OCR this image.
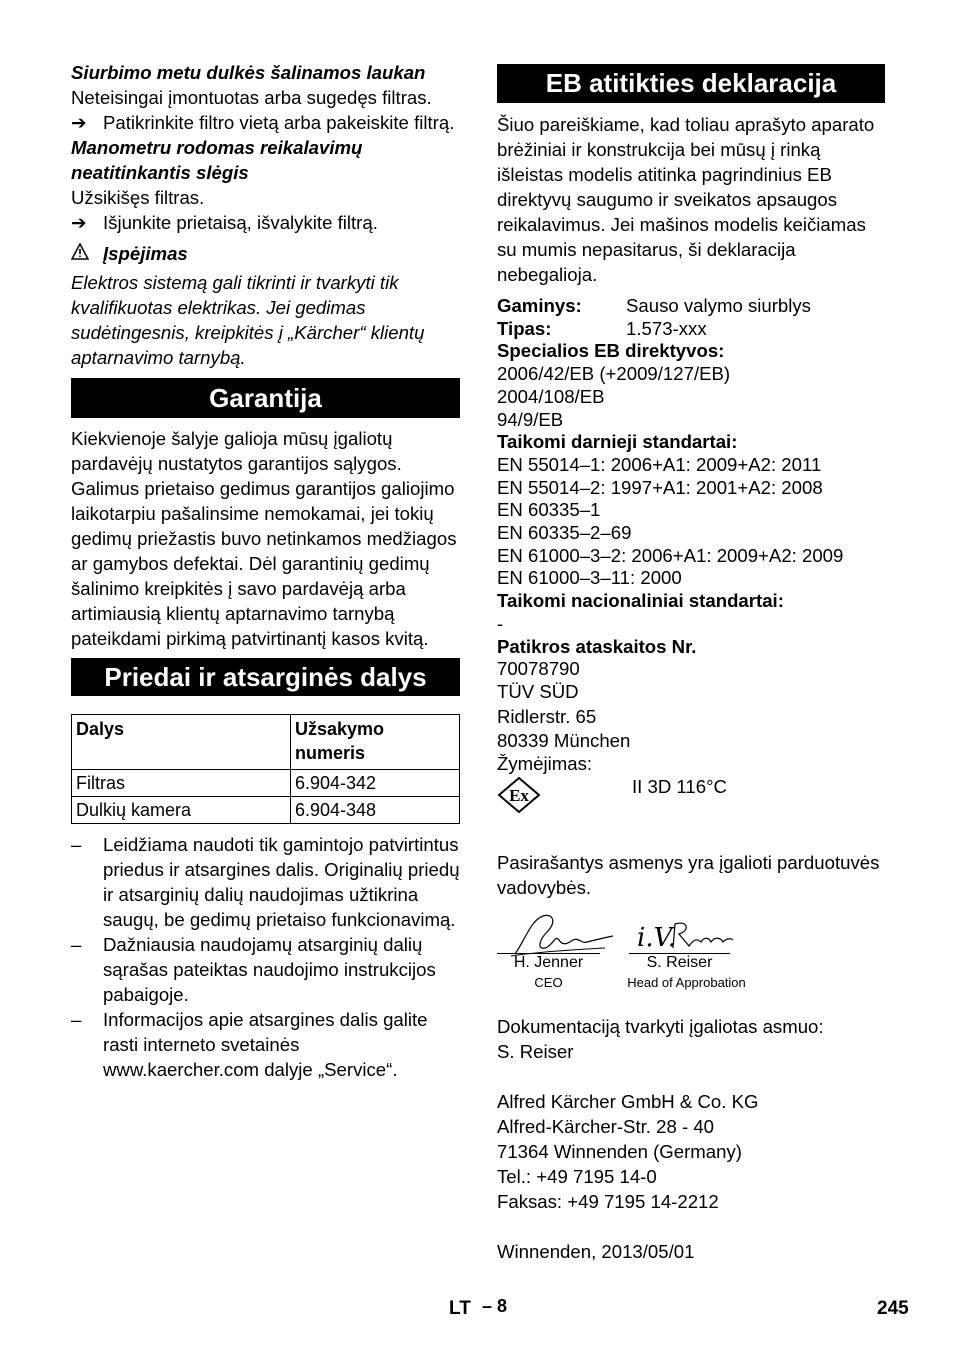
Siurbimo metu dulkės šalinamos laukan

Neteisingai įmontuotas arba sugedęs filtras.

➔ Patikrinkite filtro vietą arba pakeiskite filtrą.

Manometru rodomas reikalavimų neatitinkantis slėgis

Užsikišęs filtras.

➔ Išjunkite prietaisą, išvalykite filtrą.
Įspėjimas

Elektros sistemą gali tikrinti ir tvarkyti tik kvalifikuotas elektrikas. Jei gedimas sudėtingesnis, kreipkitės į „Kärcher“ klientų aptarnavimo tarnybą.

Garantija

Kiekvienoje šalyje galioja mūsų įgaliotų pardavėjų nustatytos garantijos sąlygos. Galimus prietaiso gedimus garantijos galiojimo laikotarpiu pašalinsime nemokamai, jei tokių gedimų priežastis buvo netinkamos medžiagos ar gamybos defektai. Dėl garantinių gedimų šalinimo kreipkitės į savo pardavėją arba artimiausią klientų aptarnavimo tarnybą pateikdami pirkimą patvirtinantį kasos kvitą.

Priedai ir atsarginės dalys
Dalys	Užsakymo numeris
Filtras	6.904-342
Dulkių kamera	6.904-348
–	Leidžiama naudoti tik gamintojo patvirtintus priedus ir atsargines dalis. Originalių priedų ir atsarginių dalių naudojimas užtikrina saugų, be gedimų prietaiso funkcionavimą.
–	Dažniausia naudojamų atsarginių dalių sąrašas pateiktas naudojimo instrukcijos pabaigoje.
–	Informacijos apie atsargines dalis galite rasti interneto svetainės www.kaercher.com dalyje „Service“.
EB atitikties deklaracija

Šiuo pareiškiame, kad toliau aprašyto aparato brėžiniai ir konstrukcija bei mūsų į rinką išleistas modelis atitinka pagrindinius EB direktyvų saugumo ir sveikatos apsaugos reikalavimus. Jei mašinos modelis keičiamas su mumis nepasitarus, ši deklaracija nebegalioja.

Gaminys:	Sauso valymo siurblys
Tipas:	1.573-xxx
Specialios EB direktyvos:
2006/42/EB (+2009/127/EB)
2004/108/EB
94/9/EB
Taikomi darnieji standartai:
EN 55014–1: 2006+A1: 2009+A2: 2011
EN 55014–2: 1997+A1: 2001+A2: 2008
EN 60335–1
EN 60335–2–69
EN 61000–3–2: 2006+A1: 2009+A2: 2009
EN 61000–3–11: 2000
Taikomi nacionaliniai standartai:
-
Patikros ataskaitos Nr.
70078790
TÜV SÜD
Ridlerstr. 65
80339 München
Žymėjimas:
Ex	II 3D 116°C

Pasirašantys asmenys yra įgalioti parduotuvės vadovybės.

i.V.
H. Jenner
CEO
S. Reiser
Head of Approbation

Dokumentaciją tvarkyti įgaliotas asmuo:

S. Reiser

Alfred Kärcher GmbH & Co. KG
Alfred-Kärcher-Str. 28 - 40
71364 Winnenden (Germany)
Tel.: +49 7195 14-0
Faksas: +49 7195 14-2212

Winnenden, 2013/05/01

LT – 8	245
